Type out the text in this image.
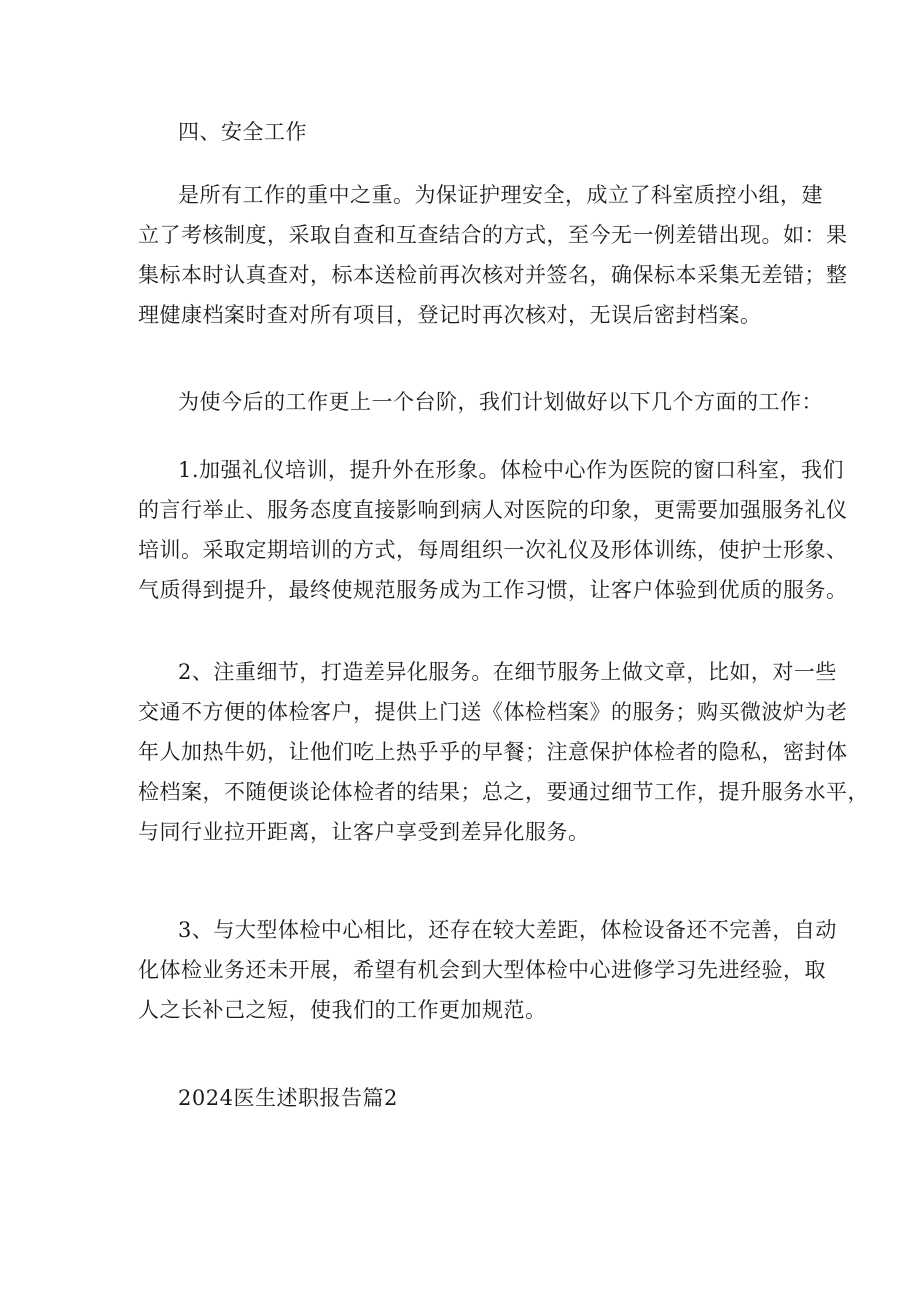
四、安全工作

是所有工作的重中之重。为保证护理安全，成立了科室质控小组，建
立了考核制度，采取自查和互查结合的方式，至今无一例差错出现。如：果
集标本时认真查对，标本送检前再次核对并签名，确保标本采集无差错；整
理健康档案时查对所有项目，登记时再次核对，无误后密封档案。
为使今后的工作更上一个台阶，我们计划做好以下几个方面的工作：
1.加强礼仪培训，提升外在形象。体检中心作为医院的窗口科室，我们
的言行举止、服务态度直接影响到病人对医院的印象，更需要加强服务礼仪
培训。采取定期培训的方式，每周组织一次礼仪及形体训练，使护士形象、
气质得到提升，最终使规范服务成为工作习惯，让客户体验到优质的服务。
2、注重细节，打造差异化服务。在细节服务上做文章，比如，对一些
交通不方便的体检客户，提供上门送《体检档案》的服务；购买微波炉为老
年人加热牛奶，让他们吃上热乎乎的早餐；注意保护体检者的隐私，密封体
检档案，不随便谈论体检者的结果；总之，要通过细节工作，提升服务水平，
与同行业拉开距离，让客户享受到差异化服务。
3、与大型体检中心相比，还存在较大差距，体检设备还不完善，自动
化体检业务还未开展，希望有机会到大型体检中心进修学习先进经验，取
人之长补己之短，使我们的工作更加规范。

2024医生述职报告篇2
